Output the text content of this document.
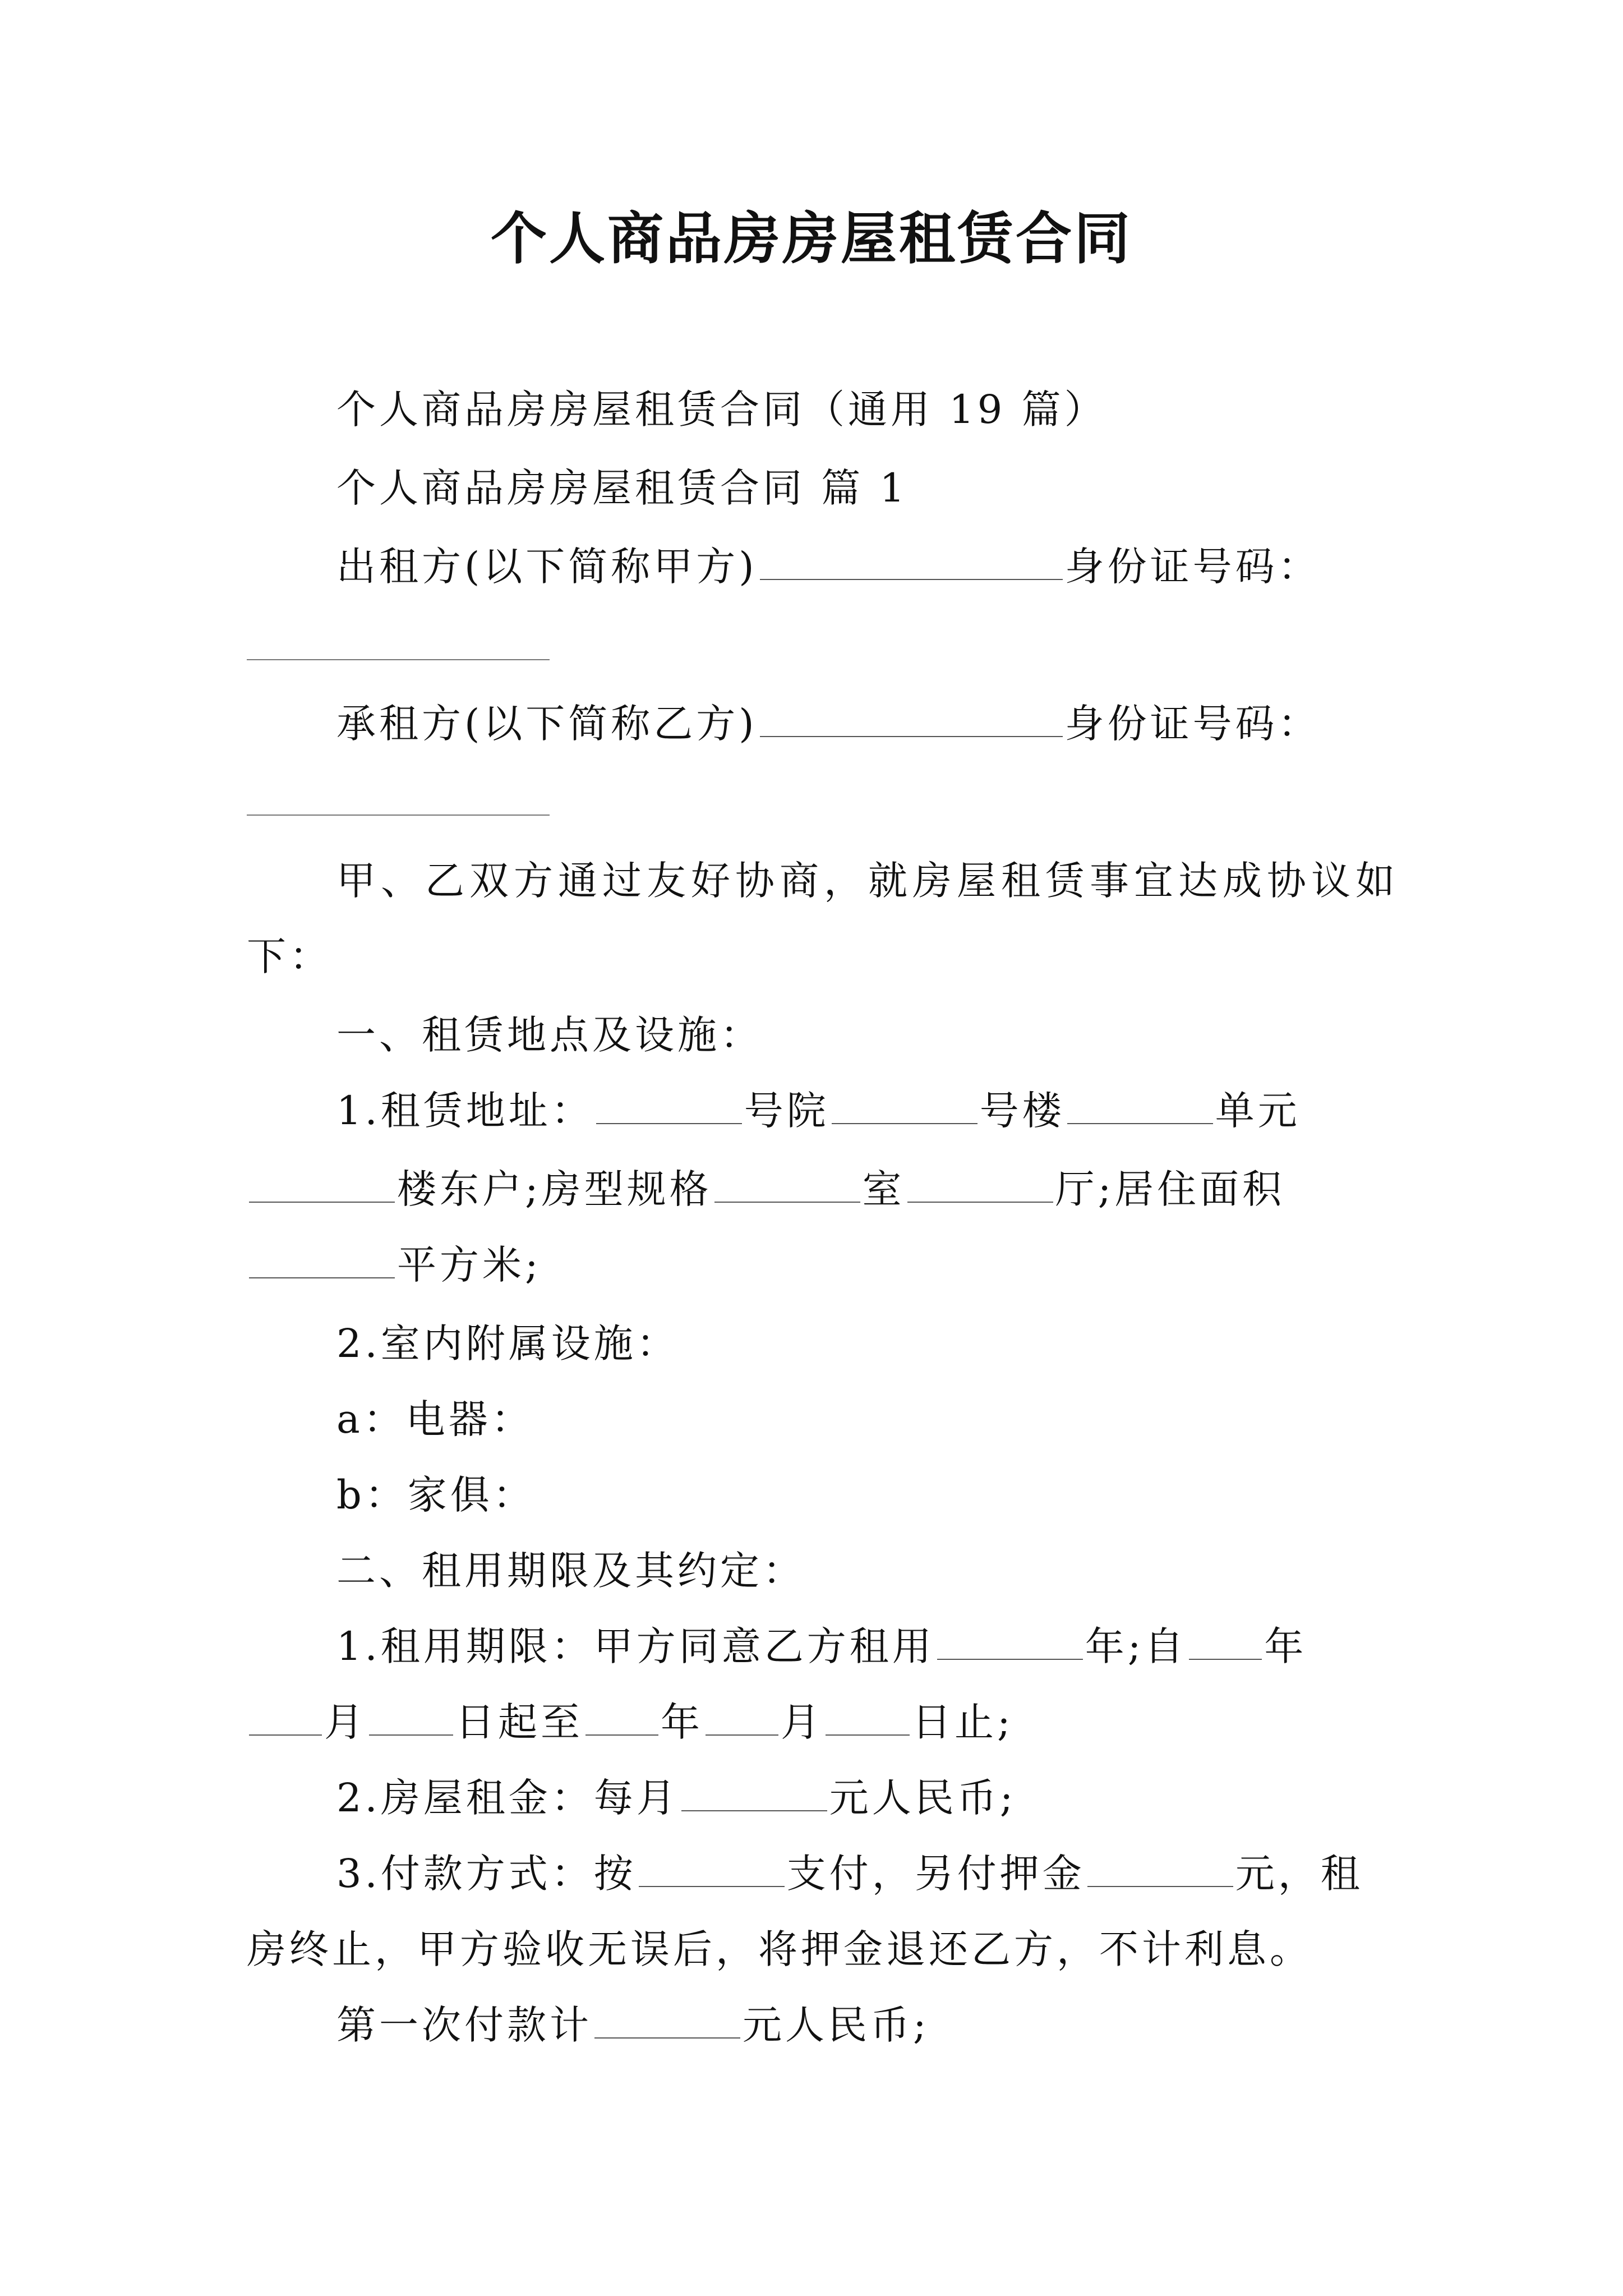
个人商品房房屋租赁合同
个人商品房房屋租赁合同（通用 19 篇）
个人商品房房屋租赁合同 篇 1
出租方(以下简称甲方)	身份证号码：
承租方(以下简称乙方)	身份证号码：
甲、乙双方通过友好协商，就房屋租赁事宜达成协议如
下：
一、租赁地点及设施：
1.租赁地址：	号院	号楼	单元
楼东户;房型规格	室	厅;居住面积
平方米;
2.室内附属设施：
a：电器：
b：家俱：
二、租用期限及其约定：
1.租用期限：甲方同意乙方租用	年;自 年
月 日起至 年 月 日止;
2.房屋租金：每月	元人民币;
3.付款方式：按	支付，另付押金	元，租
房终止，甲方验收无误后，将押金退还乙方，不计利息。
第一次付款计	元人民币;
